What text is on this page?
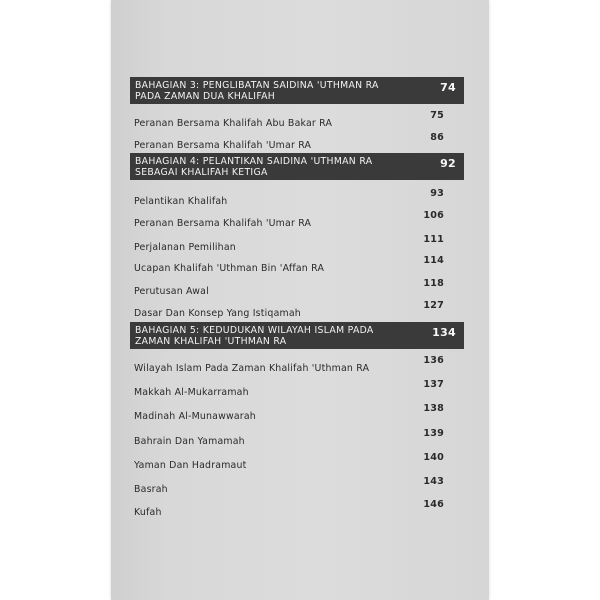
BAHAGIAN 3: PENGLIBATAN SAIDINA 'UTHMAN RA
PADA ZAMAN DUA KHALIFAH
74
Peranan Bersama Khalifah Abu Bakar RA
75
Peranan Bersama Khalifah 'Umar RA
86
BAHAGIAN 4: PELANTIKAN SAIDINA 'UTHMAN RA
SEBAGAI KHALIFAH KETIGA
92
Pelantikan Khalifah
93
Peranan Bersama Khalifah 'Umar RA
106
Perjalanan Pemilihan
111
Ucapan Khalifah 'Uthman Bin 'Affan RA
114
Perutusan Awal
118
Dasar Dan Konsep Yang Istiqamah
127
BAHAGIAN 5: KEDUDUKAN WILAYAH ISLAM PADA
ZAMAN KHALIFAH 'UTHMAN RA
134
Wilayah Islam Pada Zaman Khalifah 'Uthman RA
136
Makkah Al-Mukarramah
137
Madinah Al-Munawwarah
138
Bahrain Dan Yamamah
139
Yaman Dan Hadramaut
140
Basrah
143
Kufah
146
